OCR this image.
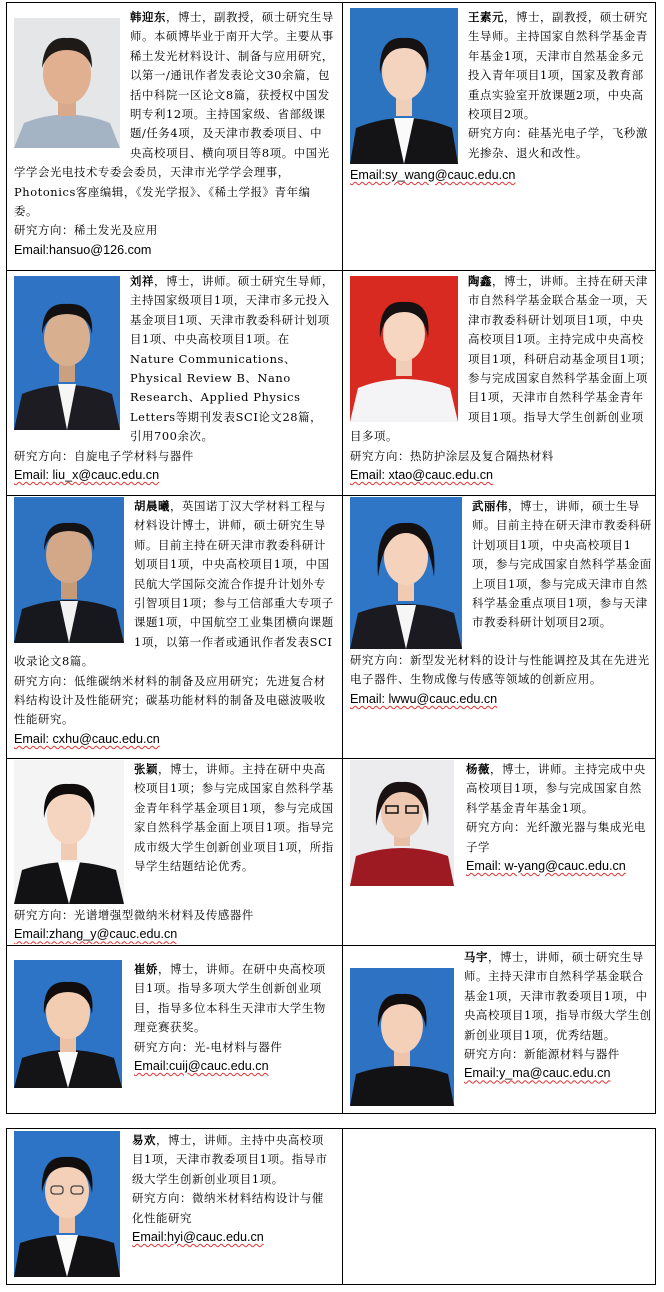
韩迎东，博士，副教授，硕士研究生导师。本硕博毕业于南开大学。主要从事稀土发光材料设计、制备与应用研究，以第一/通讯作者发表论文30余篇，包括中科院一区论文8篇，获授权中国发明专利12项。主持国家级、省部级课题/任务4项，及天津市教委项目、中央高校项目、横向项目等8项。中国光学学会光电技术专委会委员，天津市光学学会理事，Photonics客座编辑，《发光学报》、《稀土学报》青年编委。
研究方向：稀土发光及应用
Email:hansuo@126.com
王素元，博士，副教授，硕士研究生导师。主持国家自然科学基金青年基金1项，天津市自然基金多元投入青年项目1项，国家及教育部重点实验室开放课题2项，中央高校项目2项。
研究方向：硅基光电子学，飞秒激光掺杂、退火和改性。
Email:sy_wang@cauc.edu.cn
刘祥，博士，讲师。硕士研究生导师，主持国家级项目1项，天津市多元投入基金项目1项、天津市教委科研计划项目1项、中央高校项目1项。在Nature Communications、Physical Review B、Nano Research、Applied Physics Letters等期刊发表SCI论文28篇，引用700余次。
研究方向：自旋电子学材料与器件
Email: liu_x@cauc.edu.cn
陶鑫，博士，讲师。主持在研天津市自然科学基金联合基金一项，天津市教委科研计划项目1项，中央高校项目1项。主持完成中央高校项目1项，科研启动基金项目1项；参与完成国家自然科学基金面上项目1项，天津市自然科学基金青年项目1项。指导大学生创新创业项目多项。
研究方向：热防护涂层及复合隔热材料
Email: xtao@cauc.edu.cn
胡晨曦，英国诺丁汉大学材料工程与材料设计博士，讲师，硕士研究生导师。目前主持在研天津市教委科研计划项目1项，中央高校项目1项，中国民航大学国际交流合作提升计划外专引智项目1项；参与工信部重大专项子课题1项，中国航空工业集团横向课题1项，以第一作者或通讯作者发表SCI收录论文8篇。
研究方向：低维碳纳米材料的制备及应用研究；先进复合材料结构设计及性能研究；碳基功能材料的制备及电磁波吸收性能研究。
Email: cxhu@cauc.edu.cn
武丽伟，博士，讲师，硕士生导师。目前主持在研天津市教委科研计划项目1项，中央高校项目1项，参与完成国家自然科学基金面上项目1项，参与完成天津市自然科学基金重点项目1项，参与天津市教委科研计划项目2项。
研究方向：新型发光材料的设计与性能调控及其在先进光电子器件、生物成像与传感等领域的创新应用。
Email: lwwu@cauc.edu.cn
张颖，博士，讲师。主持在研中央高校项目1项；参与完成国家自然科学基金青年科学基金项目1项，参与完成国家自然科学基金面上项目1项。指导完成市级大学生创新创业项目1项，所指导学生结题结论优秀。
研究方向：光谱增强型微纳米材料及传感器件
Email:zhang_y@cauc.edu.cn
杨薇，博士，讲师。主持完成中央高校项目1项，参与完成国家自然科学基金青年基金1项。
研究方向：光纤激光器与集成光电子学
Email: w-yang@cauc.edu.cn
崔娇，博士，讲师。在研中央高校项目1项。指导多项大学生创新创业项目，指导多位本科生天津市大学生物理竞赛获奖。
研究方向：光-电材料与器件
Email:cuij@cauc.edu.cn
马宇，博士，讲师，硕士研究生导师。主持天津市自然科学基金联合基金1项，天津市教委项目1项，中央高校项目1项，指导市级大学生创新创业项目1项，优秀结题。
研究方向：新能源材料与器件
Email:y_ma@cauc.edu.cn
易欢，博士，讲师。主持中央高校项目1项，天津市教委项目1项。指导市级大学生创新创业项目1项。
研究方向：微纳米材料结构设计与催化性能研究
Email:hyi@cauc.edu.cn
